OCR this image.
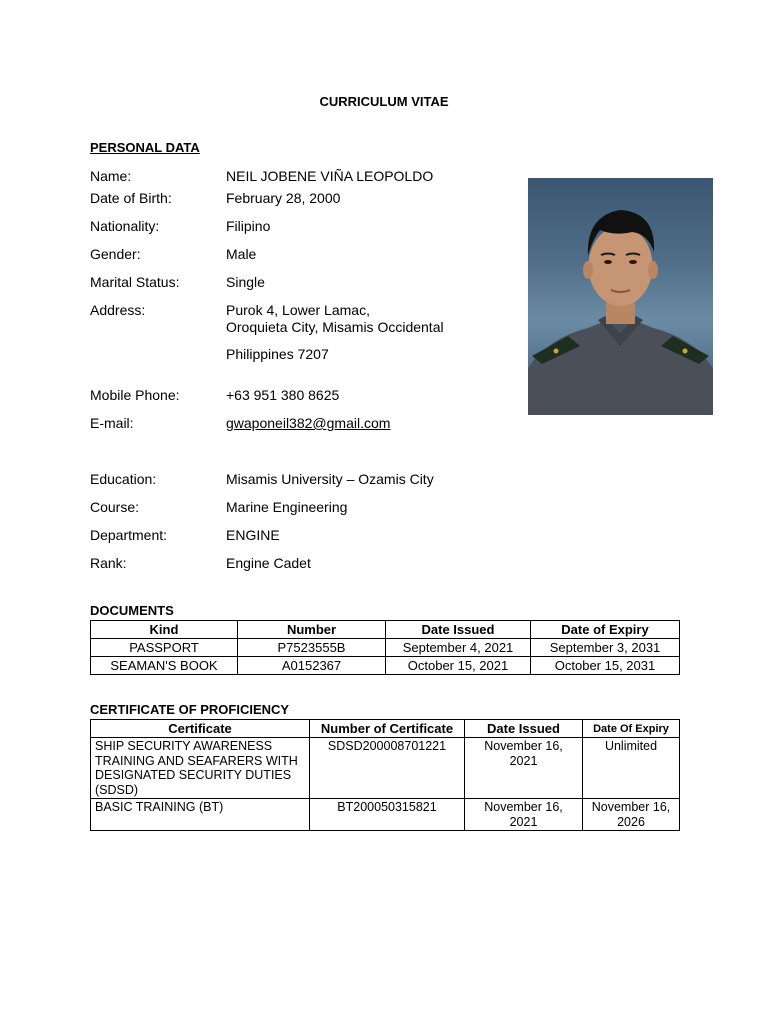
CURRICULUM VITAE
PERSONAL DATA
Name:	NEIL JOBENE VIÑA LEOPOLDO
Date of Birth:	February 28, 2000
Nationality:	Filipino
Gender:	Male
Marital Status:	Single
Address:	Purok 4, Lower Lamac,
Oroquieta City, Misamis Occidental
Philippines 7207
Mobile Phone:	+63 951 380 8625
E-mail:	gwaponeil382@gmail.com
Education:	Misamis University – Ozamis City
Course:	Marine Engineering
Department:	ENGINE
Rank:	Engine Cadet
DOCUMENTS
Kind	Number	Date Issued	Date of Expiry
PASSPORT	P7523555B	September 4, 2021	September 3, 2031
SEAMAN'S BOOK	A0152367	October 15, 2021	October 15, 2031
CERTIFICATE OF PROFICIENCY
Certificate	Number of Certificate	Date Issued	Date Of Expiry
SHIP SECURITY AWARENESS TRAINING AND SEAFARERS WITH DESIGNATED SECURITY DUTIES (SDSD)	SDSD200008701221	November 16, 2021	Unlimited
BASIC TRAINING (BT)	BT200050315821	November 16, 2021	November 16, 2026
